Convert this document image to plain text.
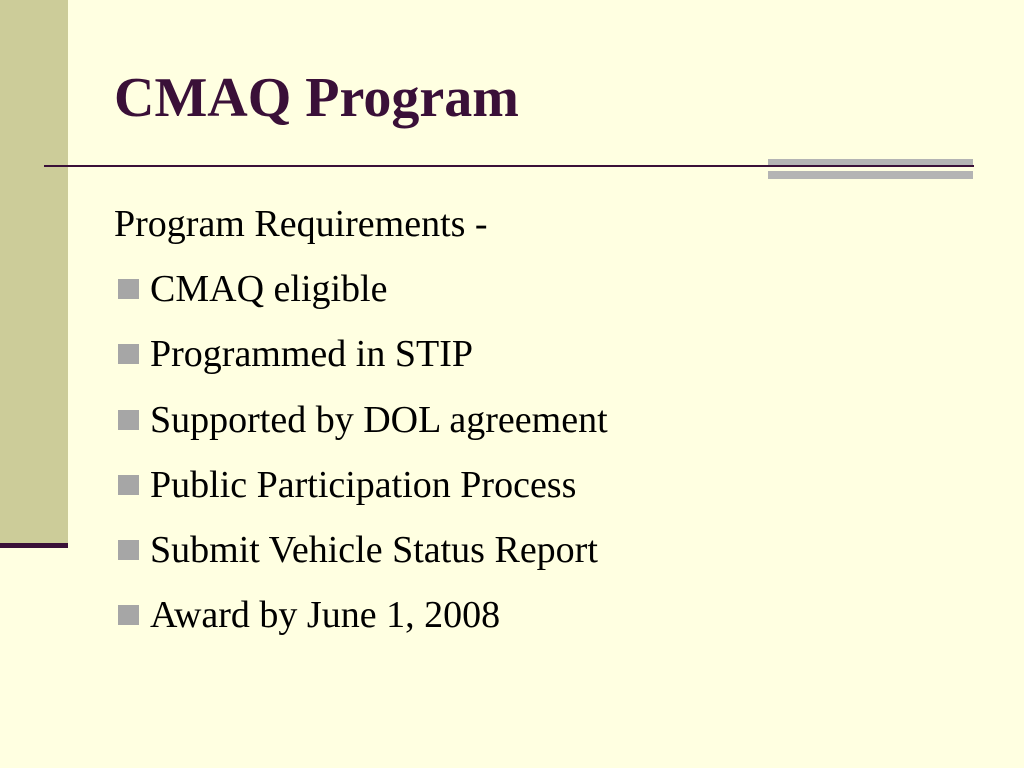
CMAQ Program

Program Requirements -

CMAQ eligible
Programmed in STIP
Supported by DOL agreement
Public Participation Process
Submit Vehicle Status Report
Award by June 1, 2008
